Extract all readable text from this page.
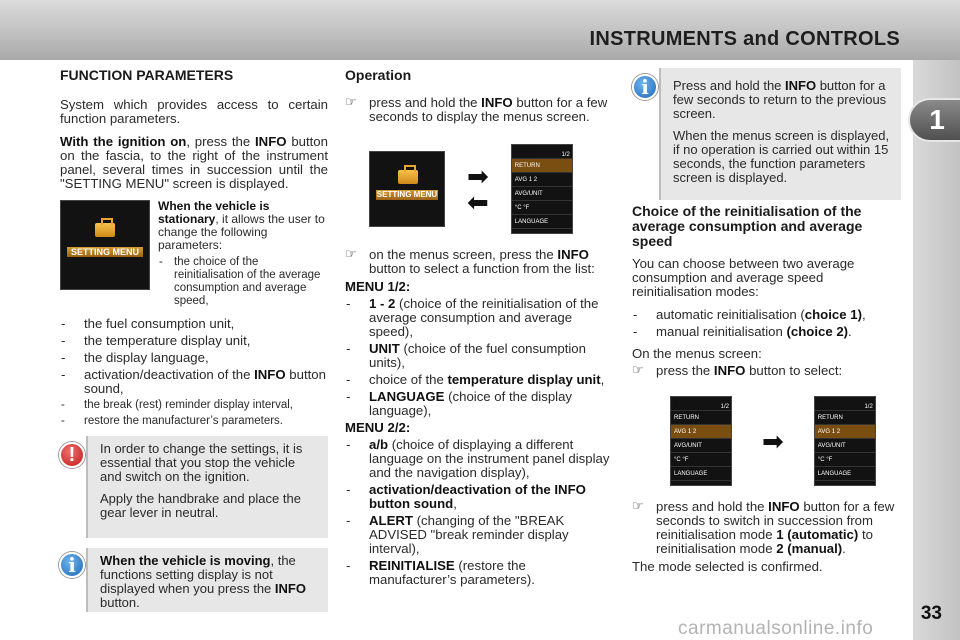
INSTRUMENTS and CONTROLS
1
FUNCTION PARAMETERS

System which provides access to certain function parameters.

With the ignition on, press the INFO button on the fascia, to the right of the instrument panel, several times in succession until the "SETTING MENU" screen is displayed.

SETTING MENU

When the vehicle is stationary, it allows the user to change the following parameters:

- the choice of the reinitialisation of the average consumption and average speed,
- the fuel consumption unit,
- the temperature display unit,
- the display language,
- activation/deactivation of the INFO button sound,
- the break (rest) reminder display interval,
- restore the manufacturer’s parameters.
!	In order to change the settings, it is essential that you stop the vehicle and switch on the ignition.

Apply the handbrake and place the gear lever in neutral.

i	When the vehicle is moving, the functions setting display is not displayed when you press the INFO button.

Operation

☞ press and hold the INFO button for a few seconds to display the menus screen.

SETTING MENU
➡
➡
MENU
1/2
RETURN
AVG
1
2
AVG/UNIT
°C
°F
LANGUAGE

☞ on the menus screen, press the INFO button to select a function from the list:

MENU 1/2:

- 1 - 2 (choice of the reinitialisation of the average consumption and average speed),
- UNIT (choice of the fuel consumption units),
- choice of the temperature display unit,
- LANGUAGE (choice of the display language),

MENU 2/2:

- a/b (choice of displaying a different language on the instrument panel display and the navigation display),
- activation/deactivation of the INFO button sound,
- ALERT (changing of the "BREAK ADVISED "break reminder display interval),
- REINITIALISE (restore the manufacturer’s parameters).
i	Press and hold the INFO button for a few seconds to return to the previous screen.

When the menus screen is displayed, if no operation is carried out within 15 seconds, the function parameters screen is displayed.

Choice of the reinitialisation of the average consumption and average speed

You can choose between two average consumption and average speed reinitialisation modes:

- automatic reinitialisation (choice 1),
- manual reinitialisation (choice 2).

On the menus screen:

☞ press the INFO button to select:

MENU
1/2
RETURN
AVG
1
2
AVG/UNIT
°C
°F
LANGUAGE
➡
MENU
1/2
RETURN
AVG
1
2
AVG/UNIT
°C
°F
LANGUAGE

☞ press and hold the INFO button for a few seconds to switch in succession from reinitialisation mode 1 (automatic) to reinitialisation mode 2 (manual).

The mode selected is confirmed.

33
carmanualsonline.info
